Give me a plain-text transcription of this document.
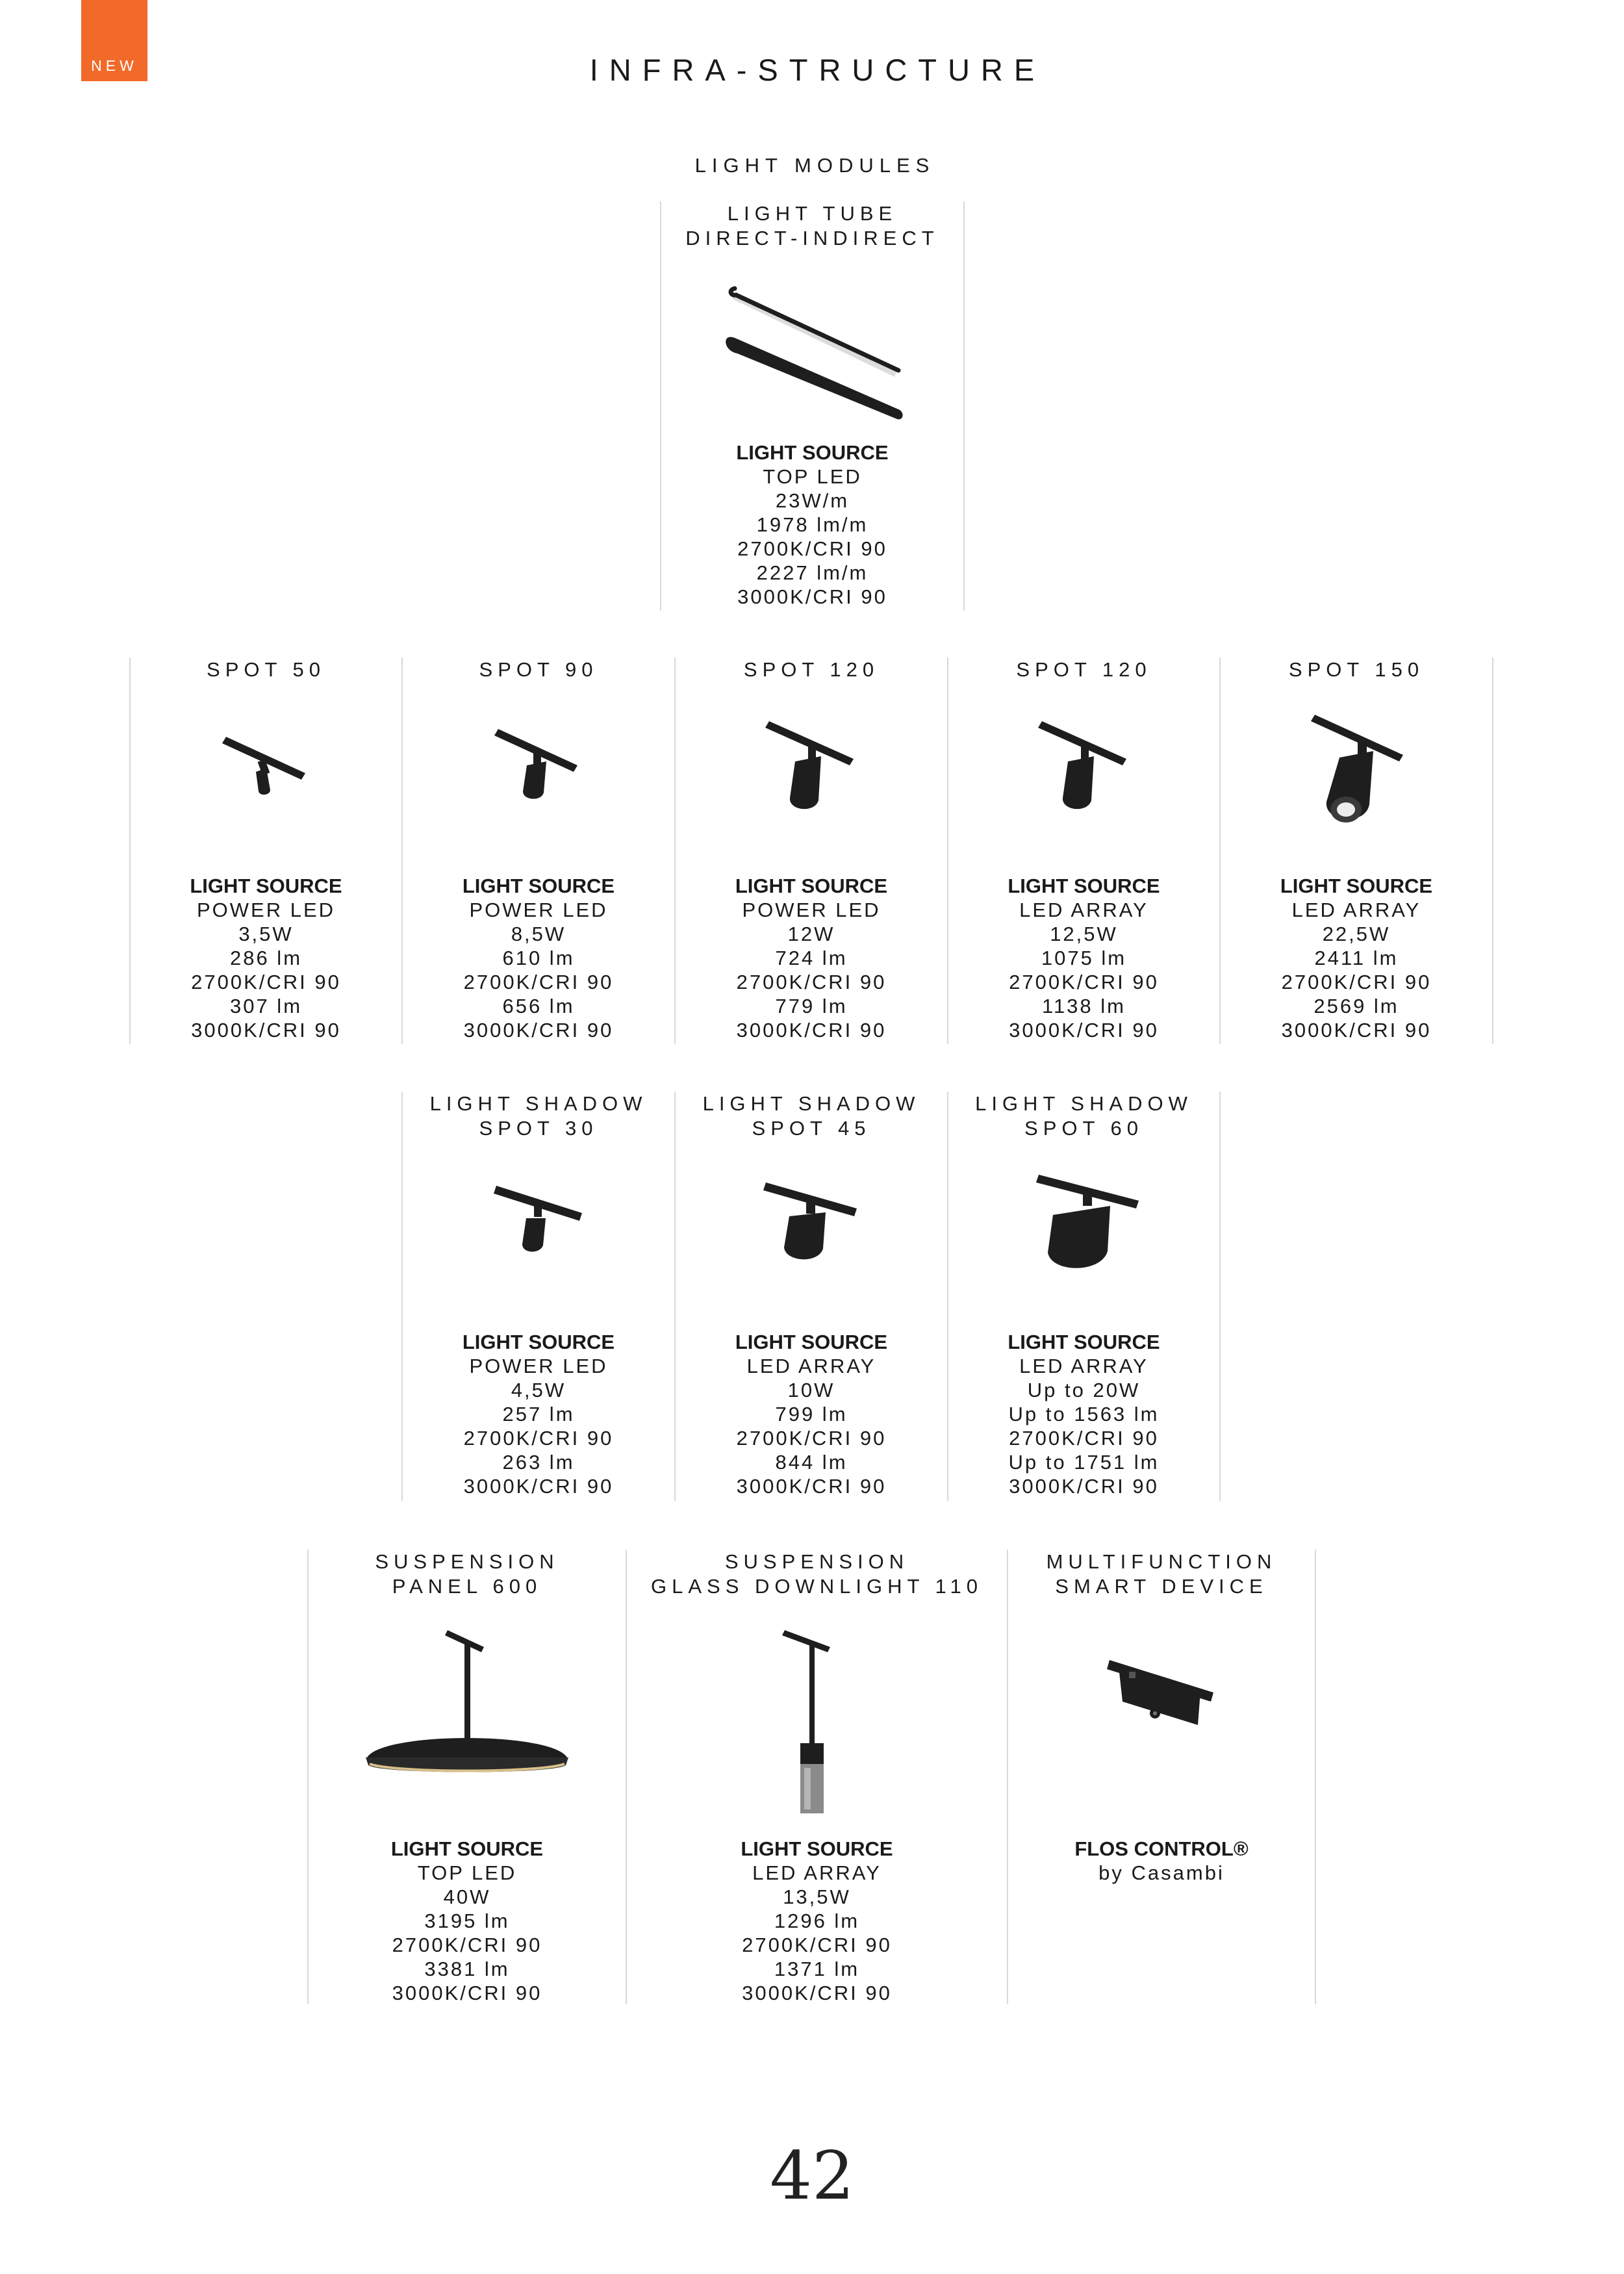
NEW	INFRA-STRUCTURE
LIGHT MODULES
LIGHT TUBE
DIRECT-INDIRECT
LIGHT SOURCE
TOP LED
23W/m
1978 lm/m
2700K/CRI 90
2227 lm/m
3000K/CRI 90
SPOT 50
LIGHT SOURCE
POWER LED
3,5W
286 lm
2700K/CRI 90
307 lm
3000K/CRI 90
SPOT 90
LIGHT SOURCE
POWER LED
8,5W
610 lm
2700K/CRI 90
656 lm
3000K/CRI 90
SPOT 120
LIGHT SOURCE
POWER LED
12W
724 lm
2700K/CRI 90
779 lm
3000K/CRI 90
SPOT 120
LIGHT SOURCE
LED ARRAY
12,5W
1075 lm
2700K/CRI 90
1138 lm
3000K/CRI 90
SPOT 150
LIGHT SOURCE
LED ARRAY
22,5W
2411 lm
2700K/CRI 90
2569 lm
3000K/CRI 90
LIGHT SHADOW
SPOT 30
LIGHT SOURCE
POWER LED
4,5W
257 lm
2700K/CRI 90
263 lm
3000K/CRI 90
LIGHT SHADOW
SPOT 45
LIGHT SOURCE
LED ARRAY
10W
799 lm
2700K/CRI 90
844 lm
3000K/CRI 90
LIGHT SHADOW
SPOT 60
LIGHT SOURCE
LED ARRAY
Up to 20W
Up to 1563 lm
2700K/CRI 90
Up to 1751 lm
3000K/CRI 90
SUSPENSION
PANEL 600
LIGHT SOURCE
TOP LED
40W
3195 lm
2700K/CRI 90
3381 lm
3000K/CRI 90
SUSPENSION
GLASS DOWNLIGHT 110
LIGHT SOURCE
LED ARRAY
13,5W
1296 lm
2700K/CRI 90
1371 lm
3000K/CRI 90
MULTIFUNCTION
SMART DEVICE
FLOS CONTROL®
by Casambi
42
